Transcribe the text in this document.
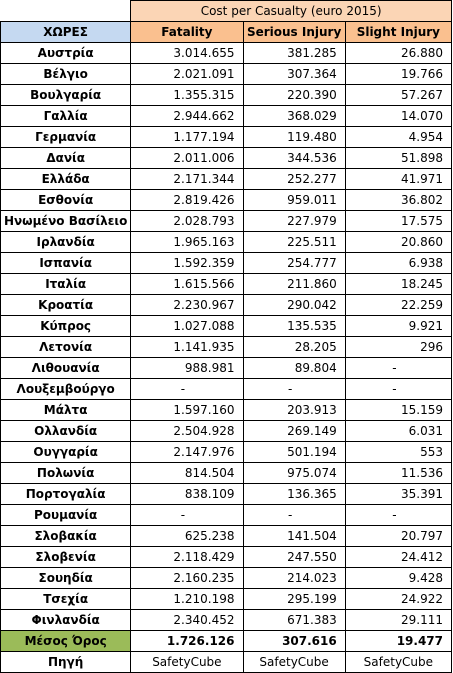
	Cost per Casualty (euro 2015)		
ΧΩΡΕΣ	Fatality	Serious Injury	Slight Injury
Αυστρία	3.014.655	381.285	26.880
Βέλγιο	2.021.091	307.364	19.766
Βουλγαρία	1.355.315	220.390	57.267
Γαλλία	2.944.662	368.029	14.070
Γερμανία	1.177.194	119.480	4.954
Δανία	2.011.006	344.536	51.898
Ελλάδα	2.171.344	252.277	41.971
Εσθονία	2.819.426	959.011	36.802
Ηνωμένο Βασίλειο	2.028.793	227.979	17.575
Ιρλανδία	1.965.163	225.511	20.860
Ισπανία	1.592.359	254.777	6.938
Ιταλία	1.615.566	211.860	18.245
Κροατία	2.230.967	290.042	22.259
Κύπρος	1.027.088	135.535	9.921
Λετονία	1.141.935	28.205	296
Λιθουανία	988.981	89.804	-
Λουξεμβούργο	-	-	-
Μάλτα	1.597.160	203.913	15.159
Ολλανδία	2.504.928	269.149	6.031
Ουγγαρία	2.147.976	501.194	553
Πολωνία	814.504	975.074	11.536
Πορτογαλία	838.109	136.365	35.391
Ρουμανία	-	-	-
Σλοβακία	625.238	141.504	20.797
Σλοβενία	2.118.429	247.550	24.412
Σουηδία	2.160.235	214.023	9.428
Τσεχία	1.210.198	295.199	24.922
Φινλανδία	2.340.452	671.383	29.111
Μέσος Όρος	1.726.126	307.616	19.477
Πηγή	SafetyCube	SafetyCube	SafetyCube
